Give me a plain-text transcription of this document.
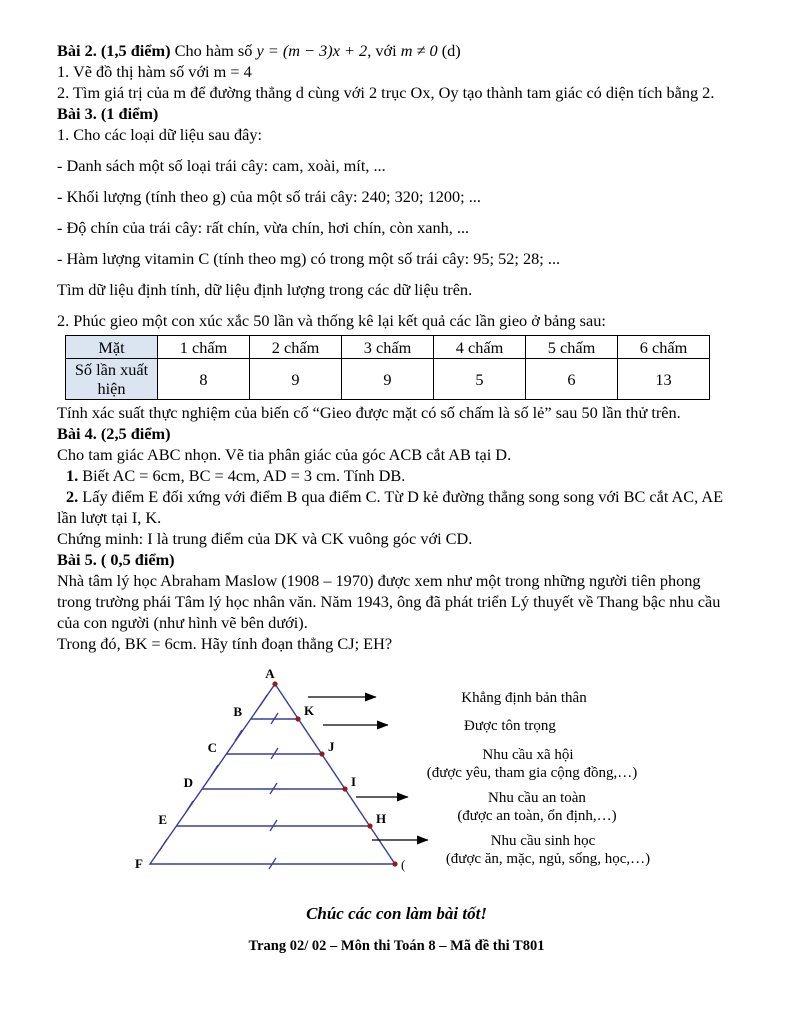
Bài 2. (1,5 điểm) Cho hàm số y = (m − 3)x + 2, với m ≠ 0 (d)

1. Vẽ đồ thị hàm số với m = 4

2. Tìm giá trị của m để đường thẳng d cùng với 2 trục Ox, Oy tạo thành tam giác có diện tích bằng 2.

Bài 3. (1 điểm)

1. Cho các loại dữ liệu sau đây:

- Danh sách một số loại trái cây: cam, xoài, mít, ...

- Khối lượng (tính theo g) của một số trái cây: 240; 320; 1200; ...

- Độ chín của trái cây: rất chín, vừa chín, hơi chín, còn xanh, ...

- Hàm lượng vitamin C (tính theo mg) có trong một số trái cây: 95; 52; 28; ...

Tìm dữ liệu định tính, dữ liệu định lượng trong các dữ liệu trên.

2. Phúc gieo một con xúc xắc 50 lần và thống kê lại kết quả các lần gieo ở bảng sau:

Mặt	1 chấm	2 chấm	3 chấm	4 chấm	5 chấm	6 chấm
Số lần xuất hiện	8	9	9	5	6	13

Tính xác suất thực nghiệm của biến cố “Gieo được mặt có số chấm là số lẻ” sau 50 lần thử trên.

Bài 4. (2,5 điểm)

Cho tam giác ABC nhọn. Vẽ tia phân giác của góc ACB cắt AB tại D.

1. Biết AC = 6cm, BC = 4cm, AD = 3 cm. Tính DB.

2. Lấy điểm E đối xứng với điểm B qua điểm C. Từ D kẻ đường thẳng song song với BC cắt AC, AE lần lượt tại I, K.

Chứng minh: I là trung điểm của DK và CK vuông góc với CD.

Bài 5. ( 0,5 điểm)

Nhà tâm lý học Abraham Maslow (1908 – 1970) được xem như một trong những người tiên phong trong trường phái Tâm lý học nhân văn. Năm 1943, ông đã phát triển Lý thuyết về Thang bậc nhu cầu của con người (như hình vẽ bên dưới).

Trong đó, BK = 6cm. Hãy tính đoạn thẳng CJ; EH?

A
B	K
C	J
D	I
E	H
F	(
Khẳng định bản thân
Được tôn trọng
Nhu cầu xã hội
(được yêu, tham gia cộng đồng,…)
Nhu cầu an toàn
(được an toàn, ổn định,…)
Nhu cầu sinh học
(được ăn, mặc, ngủ, sống, học,…)

Chúc các con làm bài tốt!

Trang 02/ 02 – Môn thi Toán 8 – Mã đề thi T801
